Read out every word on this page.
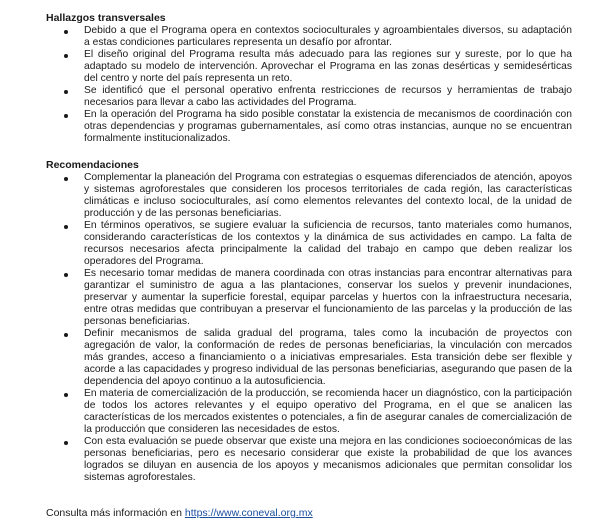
Hallazgos transversales
Debido a que el Programa opera en contextos socioculturales y agroambientales diversos, su adaptación a estas condiciones particulares representa un desafío por afrontar.
El diseño original del Programa resulta más adecuado para las regiones sur y sureste, por lo que ha adaptado su modelo de intervención. Aprovechar el Programa en las zonas desérticas y semidesérticas del centro y norte del país representa un reto.
Se identificó que el personal operativo enfrenta restricciones de recursos y herramientas de trabajo necesarios para llevar a cabo las actividades del Programa.
En la operación del Programa ha sido posible constatar la existencia de mecanismos de coordinación con otras dependencias y programas gubernamentales, así como otras instancias, aunque no se encuentran formalmente institucionalizados.
Recomendaciones
Complementar la planeación del Programa con estrategias o esquemas diferenciados de atención, apoyos y sistemas agroforestales que consideren los procesos territoriales de cada región, las características climáticas e incluso socioculturales, así como elementos relevantes del contexto local, de la unidad de producción y de las personas beneficiarias.
En términos operativos, se sugiere evaluar la suficiencia de recursos, tanto materiales como humanos, considerando características de los contextos y la dinámica de sus actividades en campo. La falta de recursos necesarios afecta principalmente la calidad del trabajo en campo que deben realizar los operadores del Programa.
Es necesario tomar medidas de manera coordinada con otras instancias para encontrar alternativas para garantizar el suministro de agua a las plantaciones, conservar los suelos y prevenir inundaciones, preservar y aumentar la superficie forestal, equipar parcelas y huertos con la infraestructura necesaria, entre otras medidas que contribuyan a preservar el funcionamiento de las parcelas y la producción de las personas beneficiarias.
Definir mecanismos de salida gradual del programa, tales como la incubación de proyectos con agregación de valor, la conformación de redes de personas beneficiarias, la vinculación con mercados más grandes, acceso a financiamiento o a iniciativas empresariales. Esta transición debe ser flexible y acorde a las capacidades y progreso individual de las personas beneficiarias, asegurando que pasen de la dependencia del apoyo continuo a la autosuficiencia.
En materia de comercialización de la producción, se recomienda hacer un diagnóstico, con la participación de todos los actores relevantes y el equipo operativo del Programa, en el que se analicen las características de los mercados existentes o potenciales, a fin de asegurar canales de comercialización de la producción que consideren las necesidades de estos.
Con esta evaluación se puede observar que existe una mejora en las condiciones socioeconómicas de las personas beneficiarias, pero es necesario considerar que existe la probabilidad de que los avances logrados se diluyan en ausencia de los apoyos y mecanismos adicionales que permitan consolidar los sistemas agroforestales.
Consulta más información en https://www.coneval.org.mx
